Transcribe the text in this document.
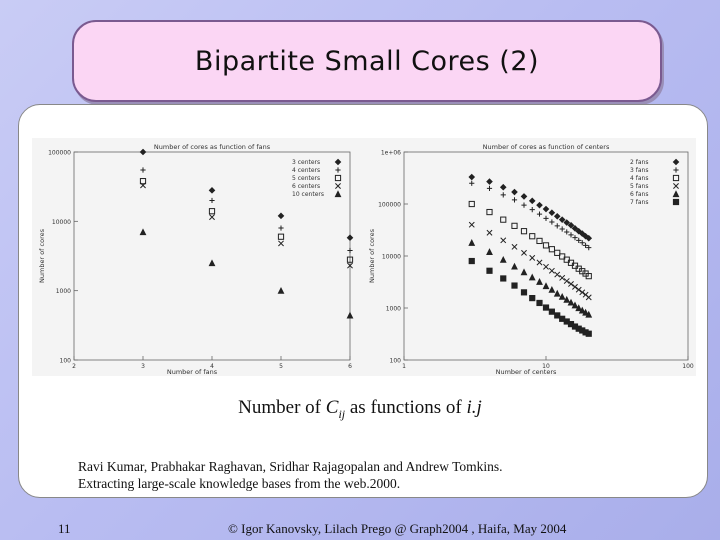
Bipartite Small Cores (2)
Number of cores as function of fans
Number of fans
Number of cores
100000
10000
1000
100
2	3	4	5	6
3 centers
4 centers
5 centers
6 centers
10 centers
Number of cores as function of centers
Number of centers
Number of cores
1e+06
100000
10000
1000
100
1	10	100
2 fans
3 fans
4 fans
5 fans
6 fans
7 fans
Number of $C_{ij}$ as functions of i.j
Ravi Kumar, Prabhakar Raghavan, Sridhar Rajagopalan and Andrew Tomkins.
Extracting large-scale knowledge bases from the web.2000.
11	© Igor Kanovsky, Lilach Prego @ Graph2004 , Haifa, May 2004
